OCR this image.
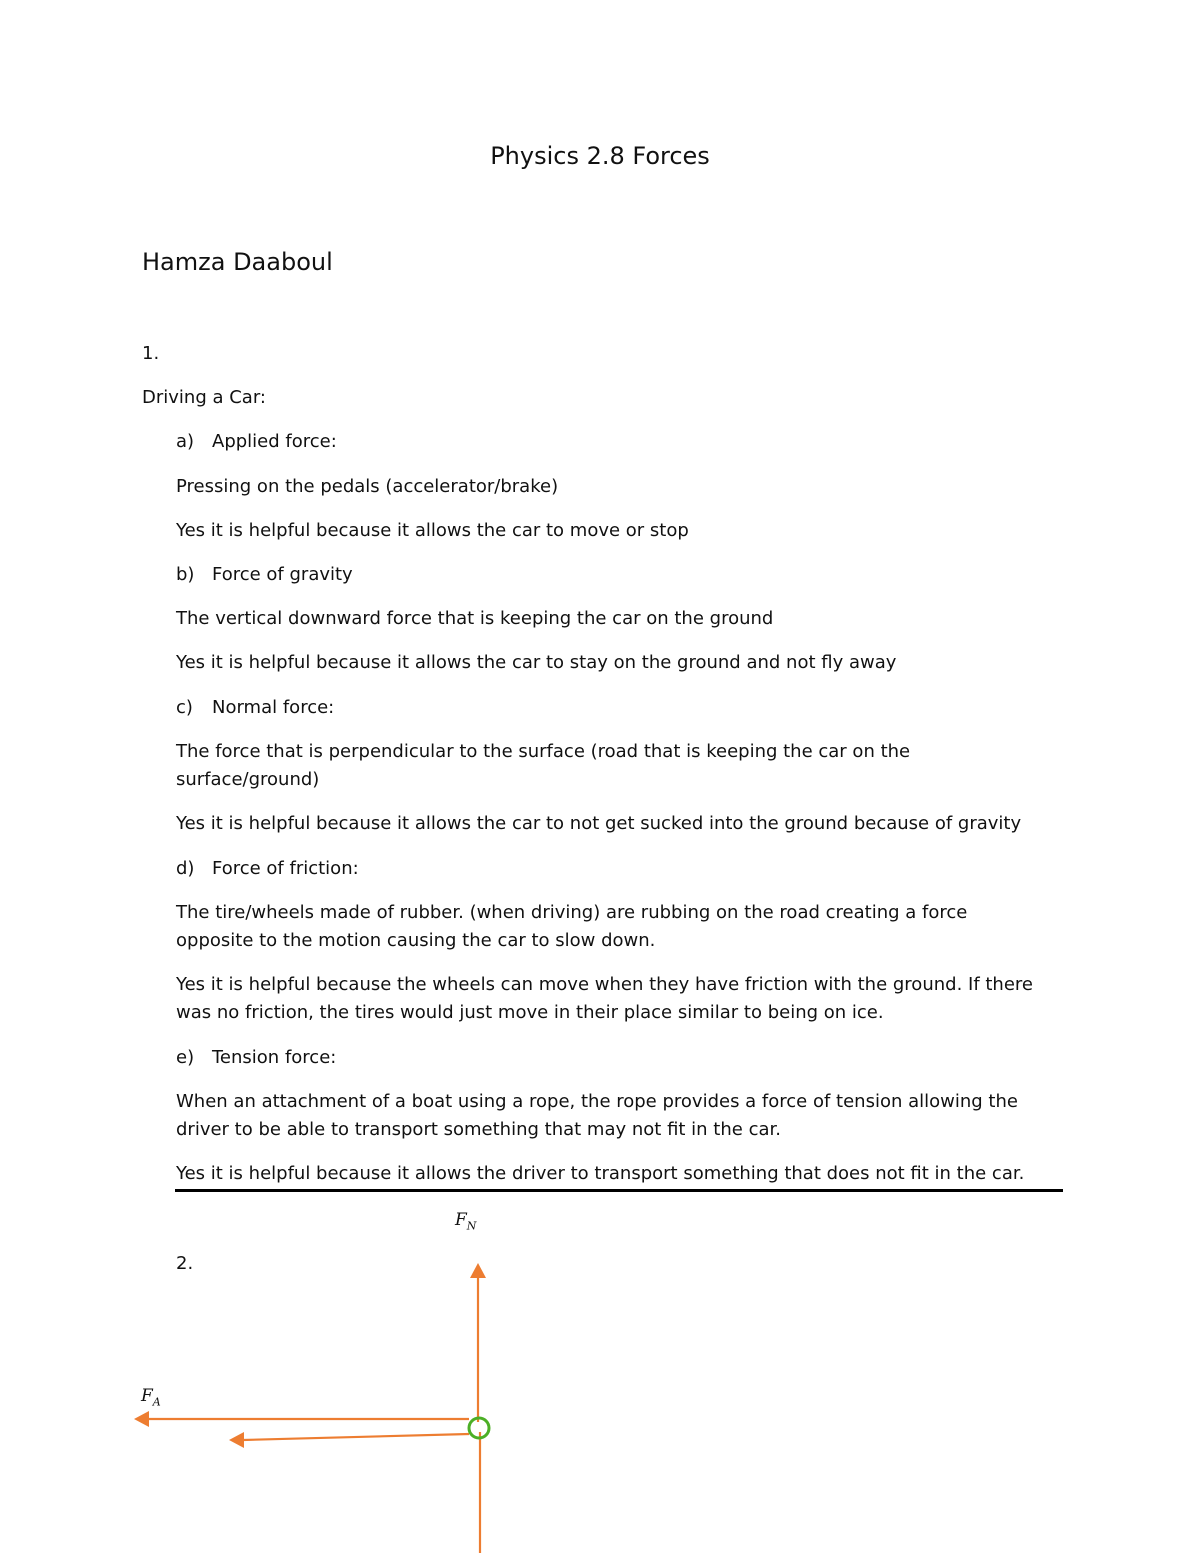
Physics 2.8 Forces
Hamza Daaboul
1.
Driving a Car:
a) Applied force:
Pressing on the pedals (accelerator/brake)
Yes it is helpful because it allows the car to move or stop
b) Force of gravity
The vertical downward force that is keeping the car on the ground
Yes it is helpful because it allows the car to stay on the ground and not fly away
c) Normal force:
The force that is perpendicular to the surface (road that is keeping the car on the surface/ground)
Yes it is helpful because it allows the car to not get sucked into the ground because of gravity
d) Force of friction:
The tire/wheels made of rubber. (when driving) are rubbing on the road creating a force opposite to the motion causing the car to slow down.
Yes it is helpful because the wheels can move when they have friction with the ground. If there was no friction, the tires would just move in their place similar to being on ice.
e) Tension force:
When an attachment of a boat using a rope, the rope provides a force of tension allowing the driver to be able to transport something that may not fit in the car.
Yes it is helpful because it allows the driver to transport something that does not fit in the car.
2.
$F_N$
$F_A$
